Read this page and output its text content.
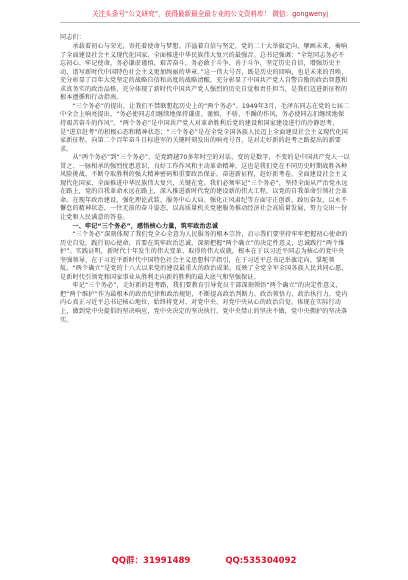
关注头条号“公文研究”，获得最新最全最专业的公文资料库！ 微信：gongwenyj

同志们：

承载着初心与荣光，寄托着使命与梦想。洋溢着自信与坚定，党的二十大举旗定向，擘画未来，奏响了全面建设社会主义现代化国家、全面推进中华民族伟大复兴的最强音。总书记强调：“全党同志务必不忘初心、牢记使命，务必谦虚谨慎、艰苦奋斗，务必敢于斗争、善于斗争，坚定历史自信，增强历史主动，谱写新时代中国特色社会主义更加绚丽的华章。”这一伟大号召，既是历史的回响，也是未来的召唤，充分彰显了百年大党坚定的战略自信和高度的战略清醒，充分彰显了中国共产党人自警自励的政治智慧和求真务实的政治品格，充分体现了新时代中国共产党人强烈的历史自觉和责任担当，是我们迈进新征程的根本遵循和行动指南。

“三个务必”的提出，让我们不禁联想起历史上的“两个务必”。1949年3月，毛泽东同志在党的七届二中全会上响亮提出，“务必使同志们继续地保持谦虚、谨慎、不骄、不躁的作风，务必使同志们继续地保持艰苦奋斗的作风”。“两个务必”是中国共产党人对革命胜利后党的建设和国家建设进行的冷静思考，是“进京赶考”的积极心态和精神状态；“三个务必”是在全党全国各族人民迈上全面建设社会主义现代化国家新征程、向第二个百年奋斗目标进军的关键时刻发出的响亮号召，是对走好新的赶考之路提出的新要求。

从“两个务必”到“三个务必”，是党跨越70多年时空的对话，变的是数字，不变的是中国共产党人一以贯之、一脉相承的强烈忧患意识、良好工作作风和主动革命精神，这也是我们党在不同历史时期战胜各种风险挑战、不断夺取胜利的强大精神密码和重要政治保证。奋进新征程，赶好新考卷，全面建设社会主义现代化国家、全面推进中华民族伟大复兴，关键在党。我们必须牢记“三个务必”，坚持全面从严治党永远在路上，党的自我革命永远在路上，深入推进新时代党的建设新的伟大工程，以党的自我革命引领社会革命。在现年政治建设、强化理论武装、服务中心大局、强化正风肃纪等方面守正创新、踔厉奋发，以永不懈怠的精神状态、一往无前的奋斗姿态，以高质量机关党建服务推动经济社会高质量发展，努力交出一份让党和人民满意的答卷。

一、牢记“三个务必”，感悟核心力量，筑牢政治忠诚

“三个务必”深刻体现了我们党全心全意为人民服务的根本宗旨，启示我们要坚持牢牢把握初心使命的历史自觉，践行初心使命，首要在筑牢政治忠诚，深刻把握“两个确立”的决定性意义，忠诚践行“两个维护”。实践证明，新时代十年发生的伟大变革、取得的伟大成就，根本在于以习近平同志为核心的党中央坚强领导，在于习近平新时代中国特色社会主义思想科学指引，在于习近平总书记举旗定向、掌舵领航。“两个确立”是党的十八大以来党的建设最重大的政治成果，反映了全党全军全国各族人民共同心愿，是新时代引领党和国家事业从胜利走向新的胜利的最大底气和坚强保证。

牢记“三个务必”，走好新的赶考路，我们要教育引导党员干部深刻领悟“两个确立”的决定性意义，把“两个维护”作为最根本的政治纪律和政治规矩，不断提高政治判断力、政治领悟力、政治执行力，党内内心真正习近平总书记核心地位，始终将党对、对党中央、对党中央从心的政治自觉，体现在实际行动上，做到党中央提倡的坚决响应，党中央决定的坚决执行，党中央禁止的坚决不做，党中央拥护的坚决落实。

QQ群：31991489	QQ:535304092
